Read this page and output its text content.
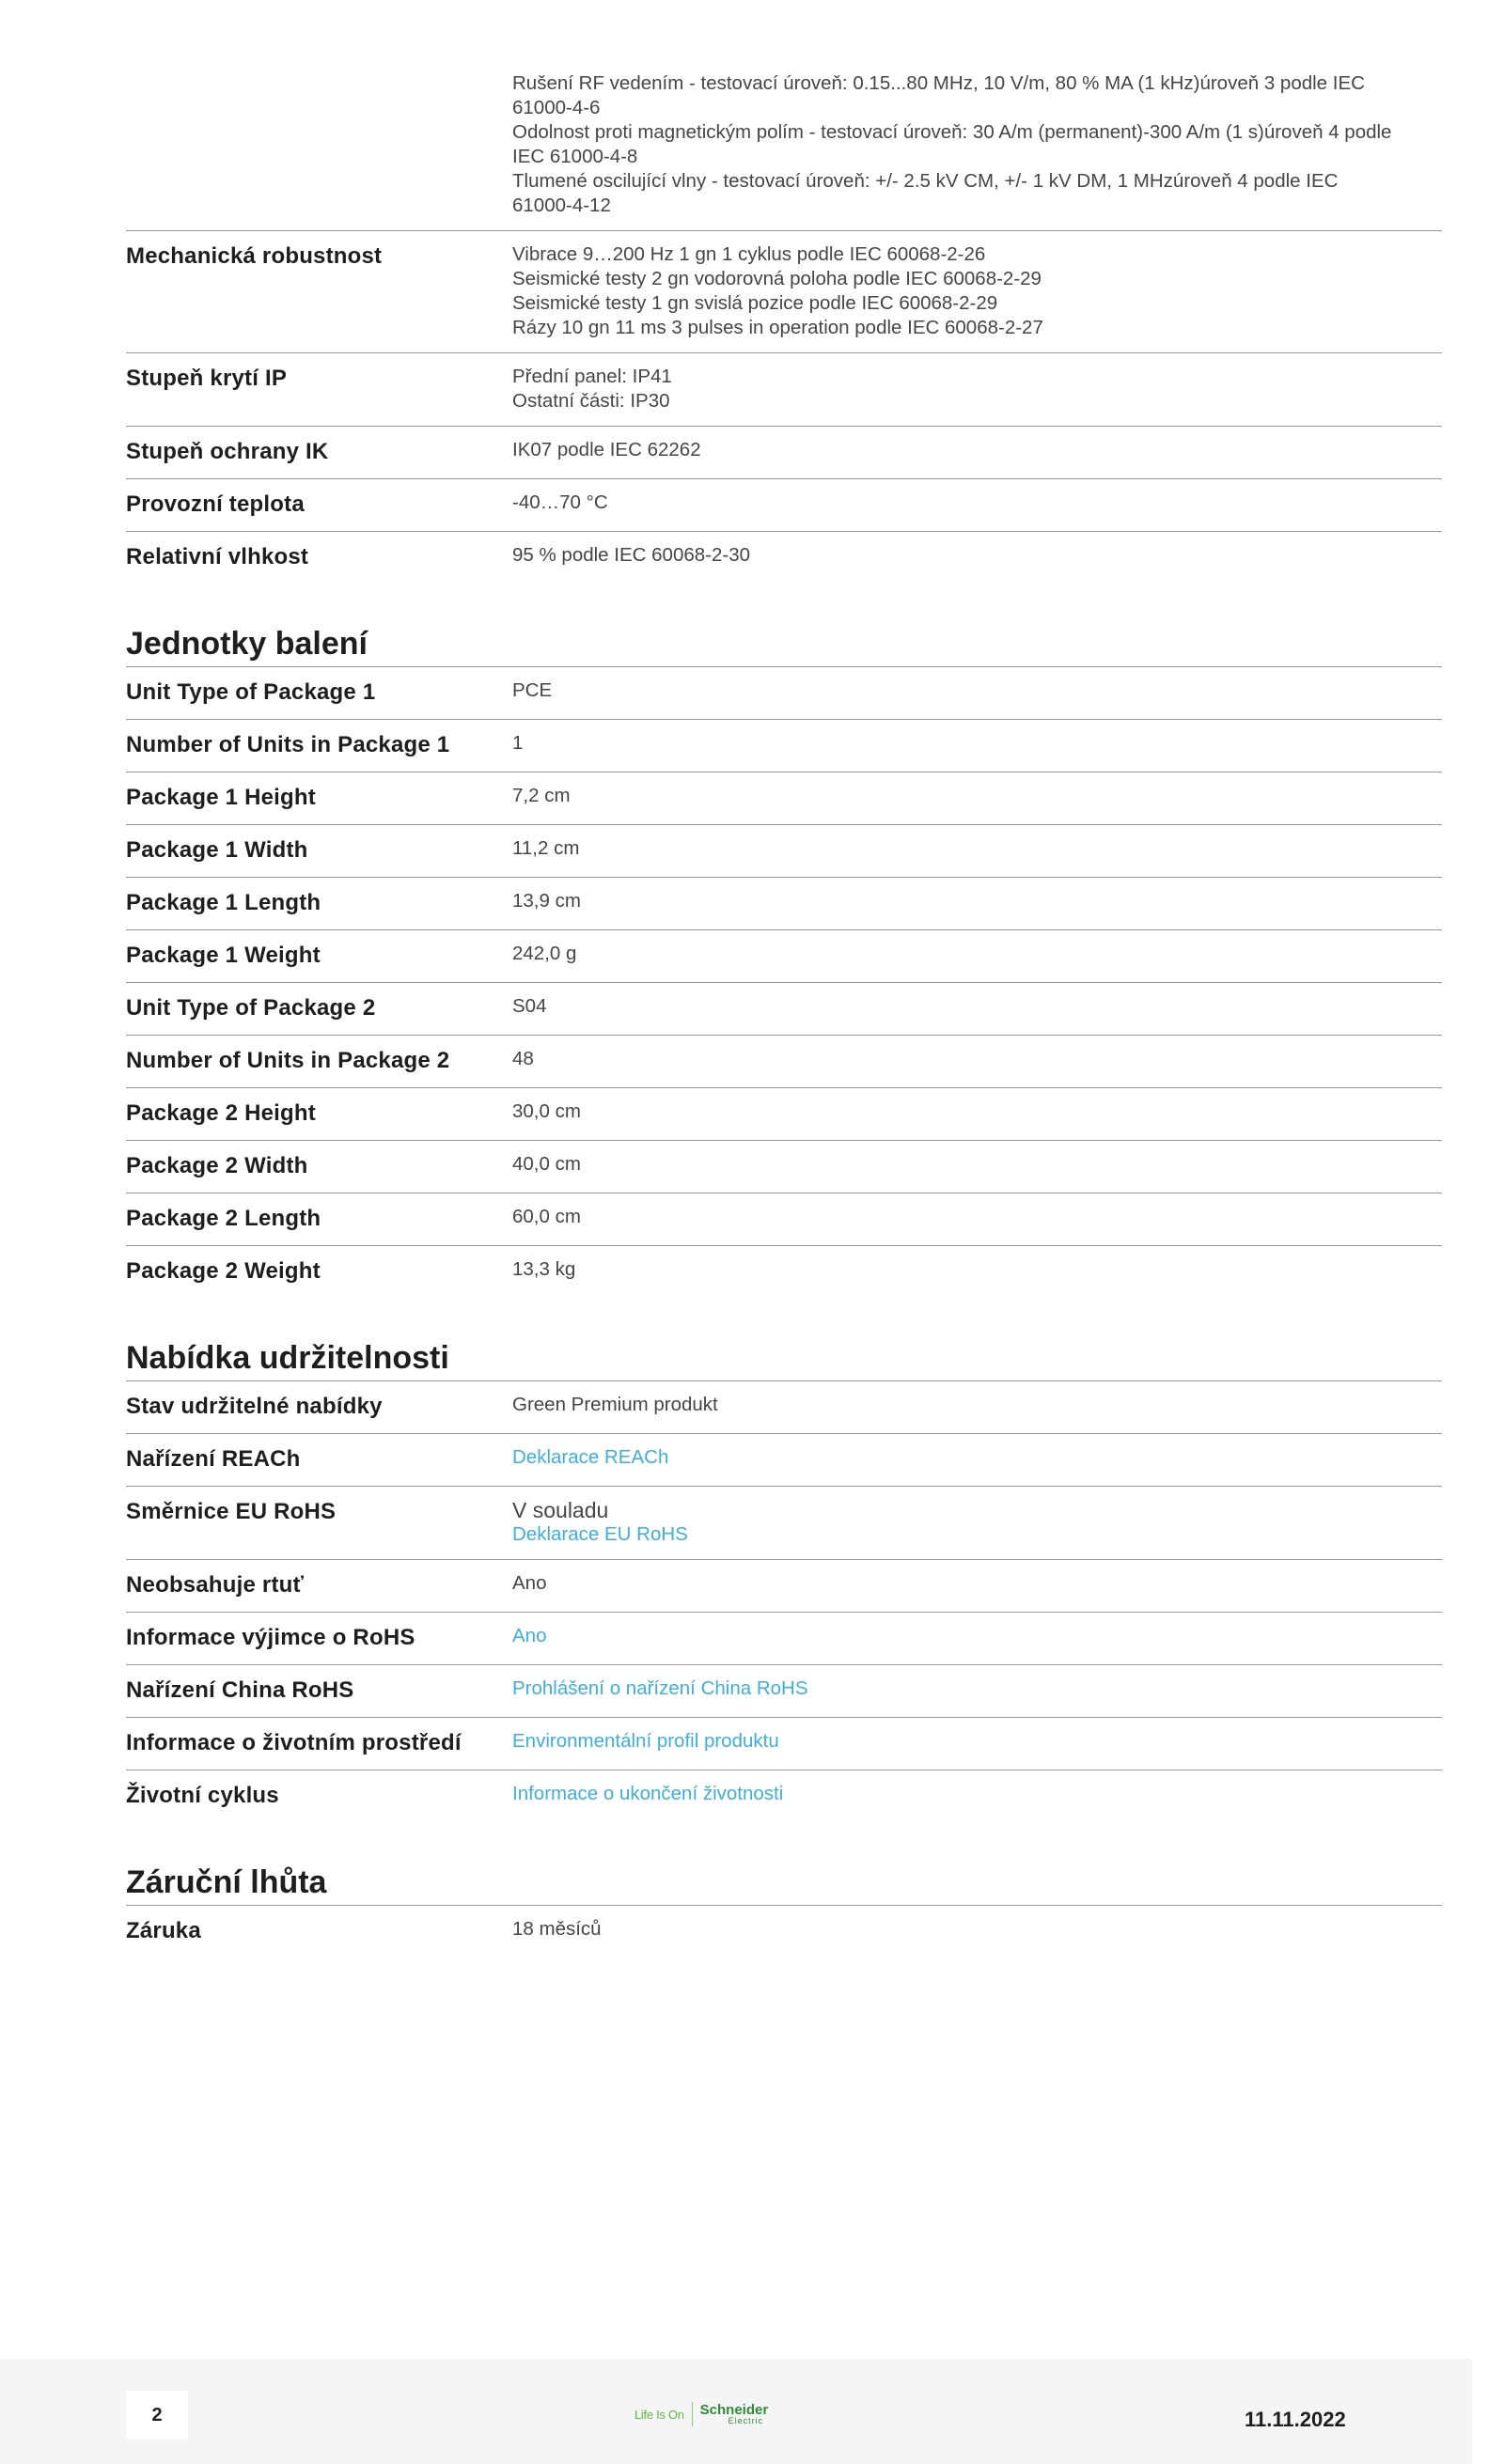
Rušení RF vedením - testovací úroveň: 0.15...80 MHz, 10 V/m, 80 % MA (1 kHz)úroveň 3 podle IEC
61000-4-6
Odolnost proti magnetickým polím - testovací úroveň: 30 A/m (permanent)-300 A/m (1 s)úroveň 4 podle
IEC 61000-4-8
Tlumené oscilující vlny - testovací úroveň: +/- 2.5 kV CM, +/- 1 kV DM, 1 MHzúroveň 4 podle IEC
61000-4-12
Mechanická robustnost	Vibrace 9…200 Hz 1 gn 1 cyklus podle IEC 60068-2-26
Seismické testy 2 gn vodorovná poloha podle IEC 60068-2-29
Seismické testy 1 gn svislá pozice podle IEC 60068-2-29
Rázy 10 gn 11 ms 3 pulses in operation podle IEC 60068-2-27
Stupeň krytí IP	Přední panel: IP41
Ostatní části: IP30
Stupeň ochrany IK	IK07 podle IEC 62262
Provozní teplota	-40…70 °C
Relativní vlhkost	95 % podle IEC 60068-2-30
Jednotky balení
Unit Type of Package 1	PCE
Number of Units in Package 1	1
Package 1 Height	7,2 cm
Package 1 Width	11,2 cm
Package 1 Length	13,9 cm
Package 1 Weight	242,0 g
Unit Type of Package 2	S04
Number of Units in Package 2	48
Package 2 Height	30,0 cm
Package 2 Width	40,0 cm
Package 2 Length	60,0 cm
Package 2 Weight	13,3 kg
Nabídka udržitelnosti
Stav udržitelné nabídky	Green Premium produkt
Nařízení REACh	Deklarace REACh
Směrnice EU RoHS	V souladu
Deklarace EU RoHS
Neobsahuje rtuť	Ano
Informace výjimce o RoHS	Ano
Nařízení China RoHS	Prohlášení o nařízení China RoHS
Informace o životním prostředí	Environmentální profil produktu
Životní cyklus	Informace o ukončení životnosti
Záruční lhůta
Záruka	18 měsíců
2	Life Is On Schneider
Electric	11.11.2022
